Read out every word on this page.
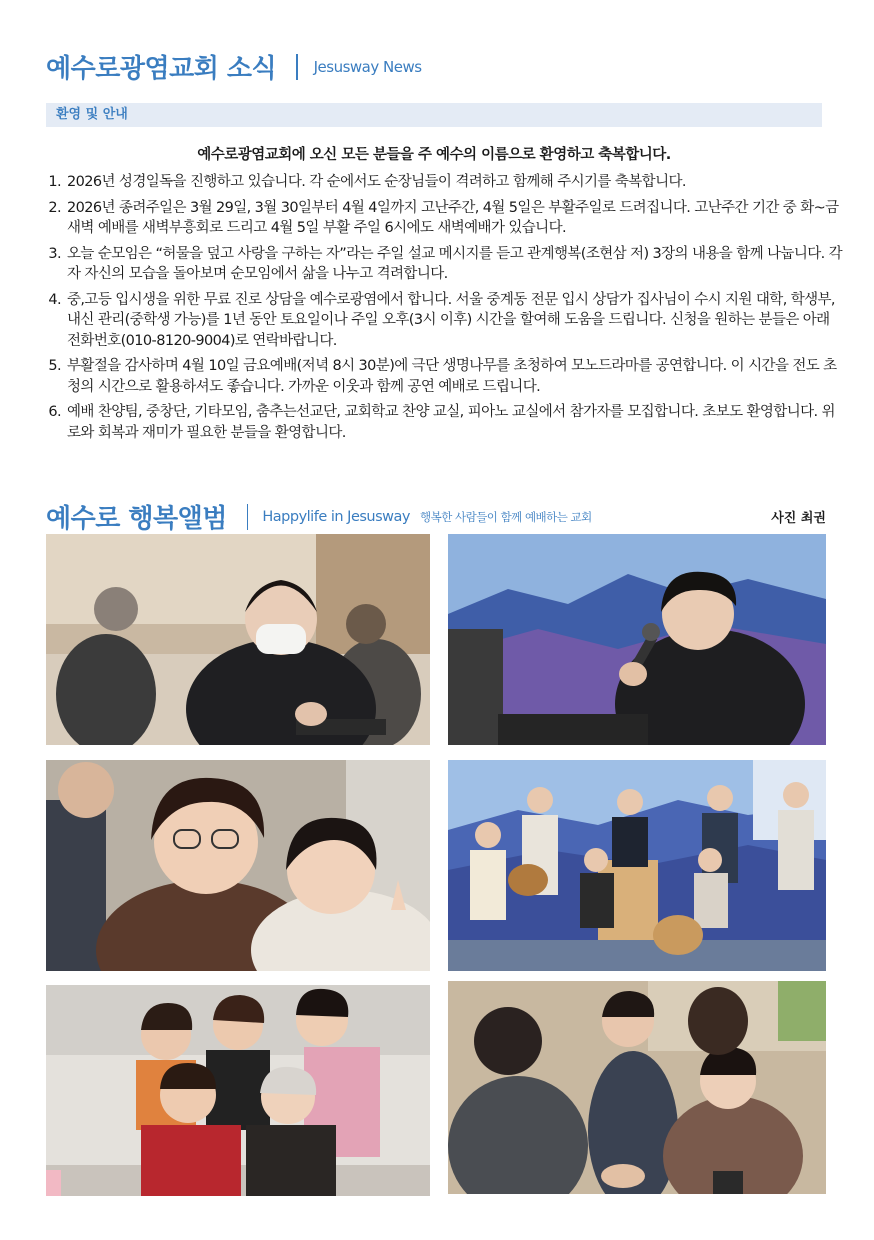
예수로광염교회 소식	Jesusway News
환영 및 안내
예수로광염교회에 오신 모든 분들을 주 예수의 이름으로 환영하고 축복합니다.
1. 2026년 성경일독을 진행하고 있습니다. 각 순에서도 순장님들이 격려하고 함께해 주시기를 축복합니다.
2. 2026년 종려주일은 3월 29일, 3월 30일부터 4월 4일까지 고난주간, 4월 5일은 부활주일로 드려집니다. 고난주간 기간 중 화~금 새벽 예배를 새벽부흥회로 드리고 4월 5일 부활 주일 6시에도 새벽예배가 있습니다.
3. 오늘 순모임은 “허물을 덮고 사랑을 구하는 자”라는 주일 설교 메시지를 듣고 관계행복(조현삼 저) 3장의 내용을 함께 나눕니다. 각자 자신의 모습을 돌아보며 순모임에서 삶을 나누고 격려합니다.
4. 중,고등 입시생을 위한 무료 진로 상담을 예수로광염에서 합니다. 서울 중계동 전문 입시 상담가 집사님이 수시 지원 대학, 학생부, 내신 관리(중학생 가능)를 1년 동안 토요일이나 주일 오후(3시 이후) 시간을 할여해 도움을 드립니다. 신청을 원하는 분들은 아래 전화번호(010-8120-9004)로 연락바랍니다.
5. 부활절을 감사하며 4월 10일 금요예배(저녁 8시 30분)에 극단 생명나무를 초청하여 모노드라마를 공연합니다. 이 시간을 전도 초청의 시간으로 활용하셔도 좋습니다. 가까운 이웃과 함께 공연 예배로 드립니다.
6. 예배 찬양팀, 중창단, 기타모임, 춤추는선교단, 교회학교 찬양 교실, 피아노 교실에서 참가자를 모집합니다. 초보도 환영합니다. 위로와 회복과 재미가 필요한 분들을 환영합니다.
예수로 행복앨범 Happylife in Jesusway 행복한 사람들이 함께 예배하는 교회	사진 최권
